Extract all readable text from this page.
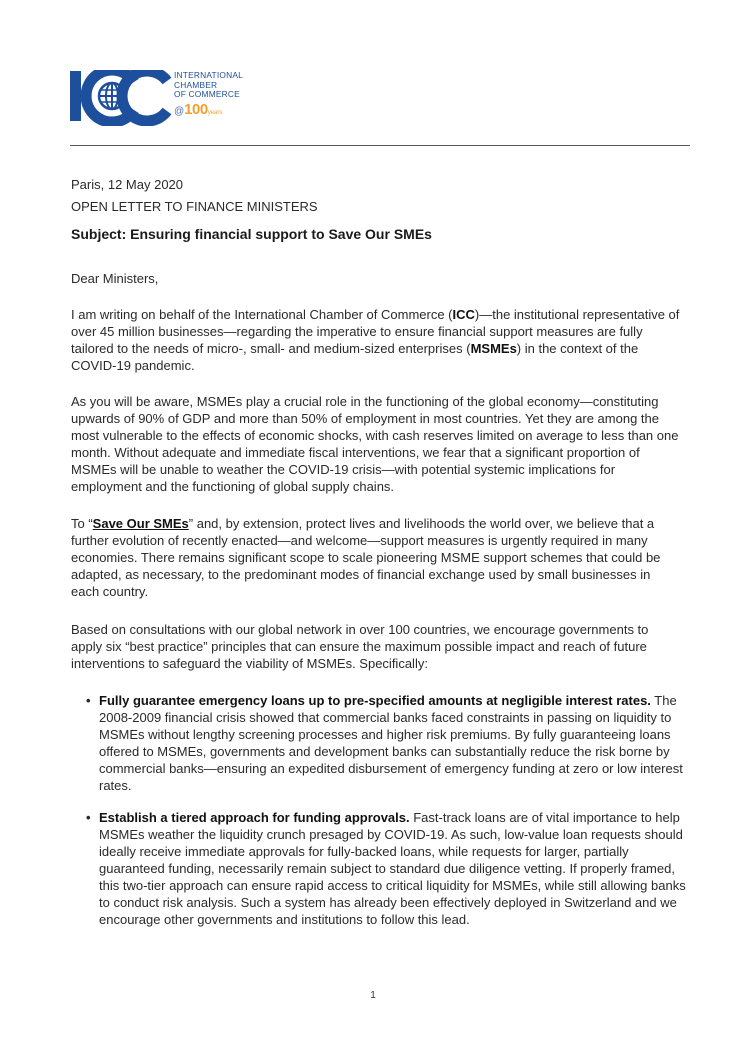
INTERNATIONAL
CHAMBER
OF COMMERCE
@100years
Paris, 12 May 2020
OPEN LETTER TO FINANCE MINISTERS
Subject: Ensuring financial support to Save Our SMEs
Dear Ministers,
I am writing on behalf of the International Chamber of Commerce (ICC)—the institutional representative of over 45 million businesses—regarding the imperative to ensure financial support measures are fully tailored to the needs of micro-, small- and medium-sized enterprises (MSMEs) in the context of the COVID-19 pandemic.
As you will be aware, MSMEs play a crucial role in the functioning of the global economy—constituting upwards of 90% of GDP and more than 50% of employment in most countries. Yet they are among the most vulnerable to the effects of economic shocks, with cash reserves limited on average to less than one month. Without adequate and immediate fiscal interventions, we fear that a significant proportion of MSMEs will be unable to weather the COVID-19 crisis—with potential systemic implications for employment and the functioning of global supply chains.
To “Save Our SMEs” and, by extension, protect lives and livelihoods the world over, we believe that a further evolution of recently enacted—and welcome—support measures is urgently required in many economies. There remains significant scope to scale pioneering MSME support schemes that could be adapted, as necessary, to the predominant modes of financial exchange used by small businesses in each country.
Based on consultations with our global network in over 100 countries, we encourage governments to apply six “best practice” principles that can ensure the maximum possible impact and reach of future interventions to safeguard the viability of MSMEs. Specifically:
• Fully guarantee emergency loans up to pre-specified amounts at negligible interest rates. The 2008-2009 financial crisis showed that commercial banks faced constraints in passing on liquidity to MSMEs without lengthy screening processes and higher risk premiums. By fully guaranteeing loans offered to MSMEs, governments and development banks can substantially reduce the risk borne by commercial banks—ensuring an expedited disbursement of emergency funding at zero or low interest rates.
• Establish a tiered approach for funding approvals. Fast-track loans are of vital importance to help MSMEs weather the liquidity crunch presaged by COVID-19. As such, low-value loan requests should ideally receive immediate approvals for fully-backed loans, while requests for larger, partially guaranteed funding, necessarily remain subject to standard due diligence vetting. If properly framed, this two-tier approach can ensure rapid access to critical liquidity for MSMEs, while still allowing banks to conduct risk analysis. Such a system has already been effectively deployed in Switzerland and we encourage other governments and institutions to follow this lead.
1
